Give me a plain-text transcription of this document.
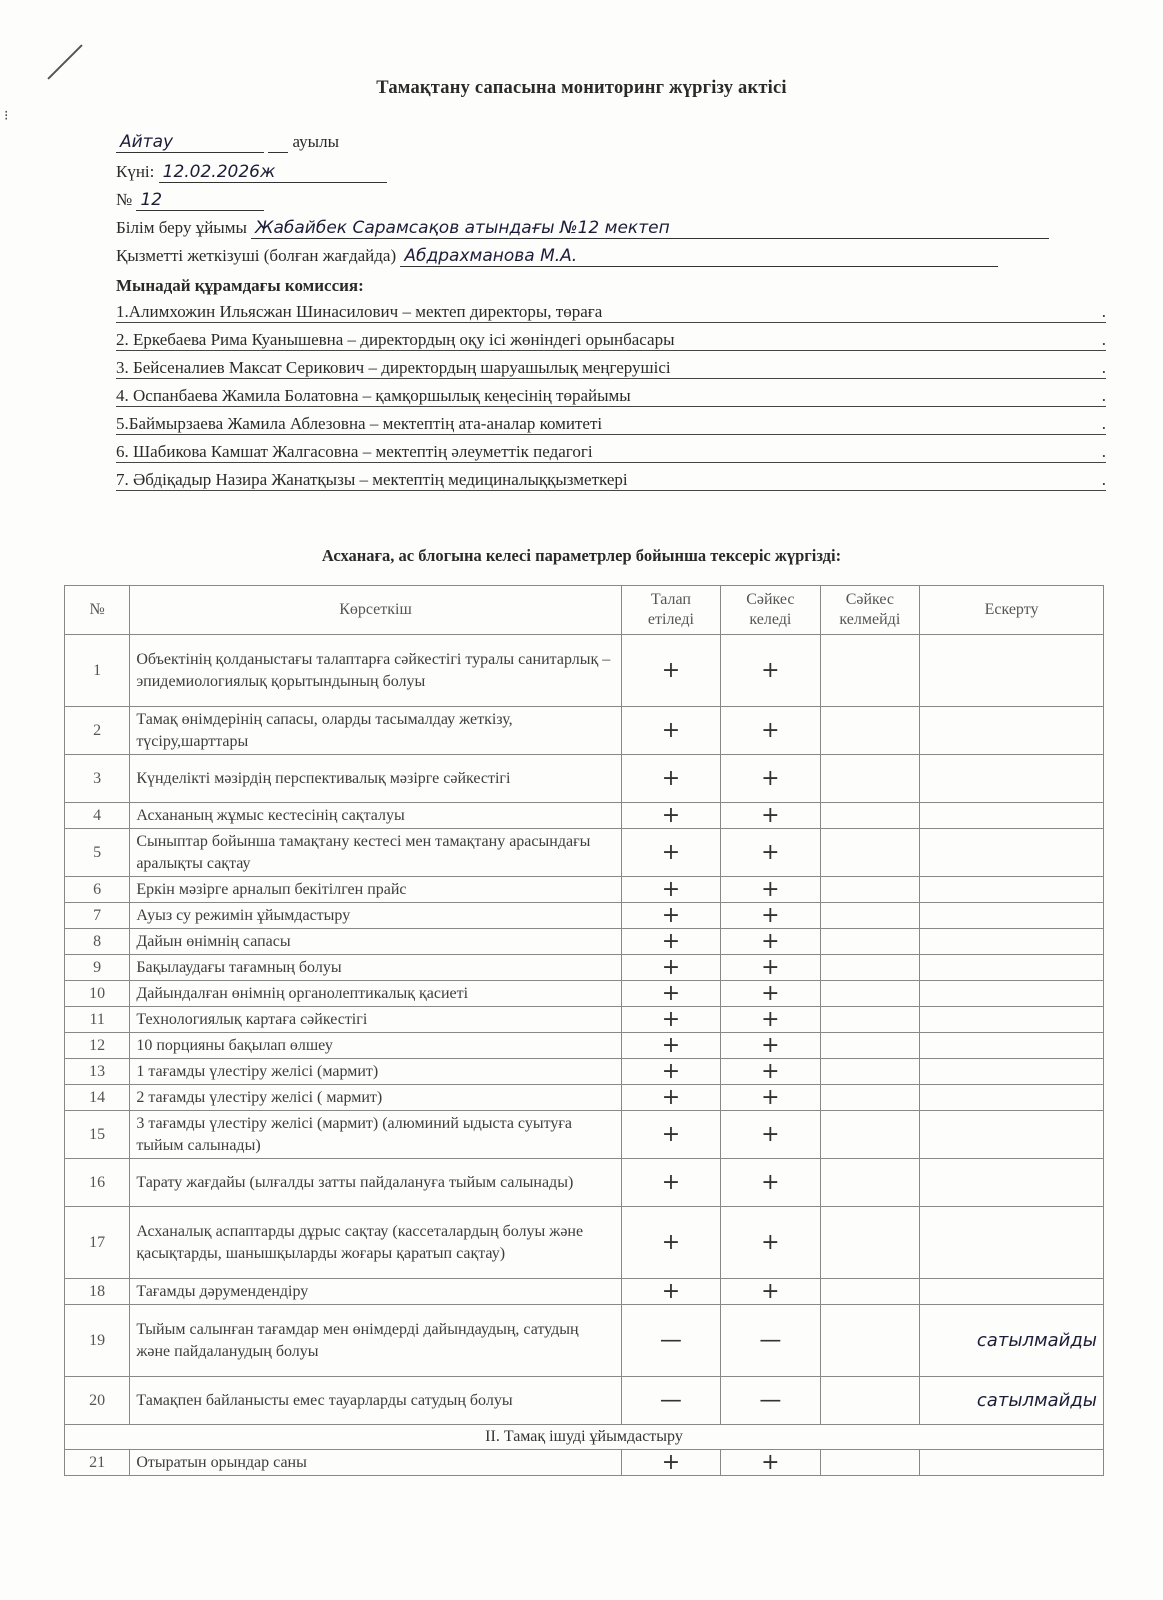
⁝
Тамақтану сапасына мониторинг жүргізу актісі
Айтау	ауылы
Күні: 12.02.2026ж
№ 12
Білім беру ұйымы Жабайбек Сарамсақов атындағы №12 мектеп
Қызметті жеткізуші (болған жағдайда) Абдрахманова М.А.
Мынадай құрамдағы комиссия:
1.Алимхожин Ильясжан Шинасилович – мектеп директоры, төраға	.
2. Еркебаева Рима Куанышевна – директордың оқу ісі жөніндегі орынбасары	.
3. Бейсеналиев Максат Серикович – директордың шаруашылық меңгерушісі	.
4. Оспанбаева Жамила Болатовна – қамқоршылық кеңесінің төрайымы	.
5.Баймырзаева Жамила Аблезовна – мектептің ата-аналар комитеті	.
6. Шабикова Камшат Жалгасовна – мектептің әлеуметтік педагогі	.
7. Әбдіқадыр Назира Жанатқызы – мектептің медициналыққызметкері	.
Асханаға, ас блогына келесі параметрлер бойынша тексеріс жүргізді:
№	Көрсеткіш	Талап етіледі	Сәйкес келеді	Сәйкес келмейді	Ескерту
1	Объектінің қолданыстағы талаптарға сәйкестігі туралы санитарлық – эпидемиологиялық қорытындының болуы	+	+		
2	Тамақ өнімдерінің сапасы, оларды тасымалдау жеткізу, түсіру,шарттары	+	+		
3	Күнделікті мәзірдің перспективалық мәзірге сәйкестігі	+	+		
4	Асхананың жұмыс кестесінің сақталуы	+	+		
5	Сыныптар бойынша тамақтану кестесі мен тамақтану арасындағы аралықты сақтау	+	+		
6	Еркін мәзірге арналып бекітілген прайс	+	+		
7	Ауыз су режимін ұйымдастыру	+	+		
8	Дайын өнімнің сапасы	+	+		
9	Бақылаудағы тағамның болуы	+	+		
10	Дайындалған өнімнің органолептикалық қасиеті	+	+		
11	Технологиялық картаға сәйкестігі	+	+		
12	10 порцияны бақылап өлшеу	+	+		
13	1 тағамды үлестіру желісі (мармит)	+	+		
14	2 тағамды үлестіру желісі ( мармит)	+	+		
15	3 тағамды үлестіру желісі (мармит) (алюминий ыдыста суытуға тыйым салынады)	+	+		
16	Тарату жағдайы (ылғалды затты пайдалануға тыйым салынады)	+	+		
17	Асханалық аспаптарды дұрыс сақтау (кассеталардың болуы және қасықтарды, шанышқыларды жоғары қаратып сақтау)	+	+		
18	Тағамды дәрумендендіру	+	+		
19	Тыйым салынған тағамдар мен өнімдерді дайындаудың, сатудың және пайдаланудың болуы	—	—		сатылмайды
20	Тамақпен байланысты емес тауарларды сатудың болуы	—	—		сатылмайды
II. Тамақ ішуді ұйымдастыру					
21	Отыратын орындар саны	+	+		
